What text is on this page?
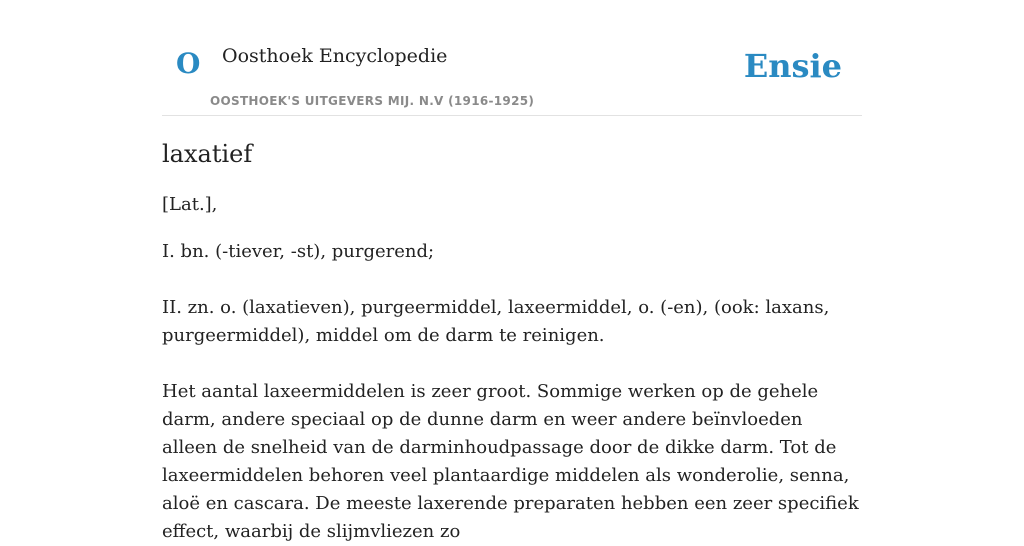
O Oosthoek Encyclopedie
OOSTHOEK'S UITGEVERS MIJ. N.V (1916-1925)
Ensie
laxatief

[Lat.],

I. bn. (-tiever, -st), purgerend;

II. zn. o. (laxatieven), purgeermiddel, laxeermiddel, o. (-en), (ook: laxans, purgeermiddel), middel om de darm te reinigen.

Het aantal laxeermiddelen is zeer groot. Sommige werken op de gehele darm, andere speciaal op de dunne darm en weer andere beïnvloeden alleen de snelheid van de darminhoudpassage door de dikke darm. Tot de laxeermiddelen behoren veel plantaardige middelen als wonderolie, senna, aloë en cascara. De meeste laxerende preparaten hebben een zeer specifiek effect, waarbij de slijmvliezen zo
